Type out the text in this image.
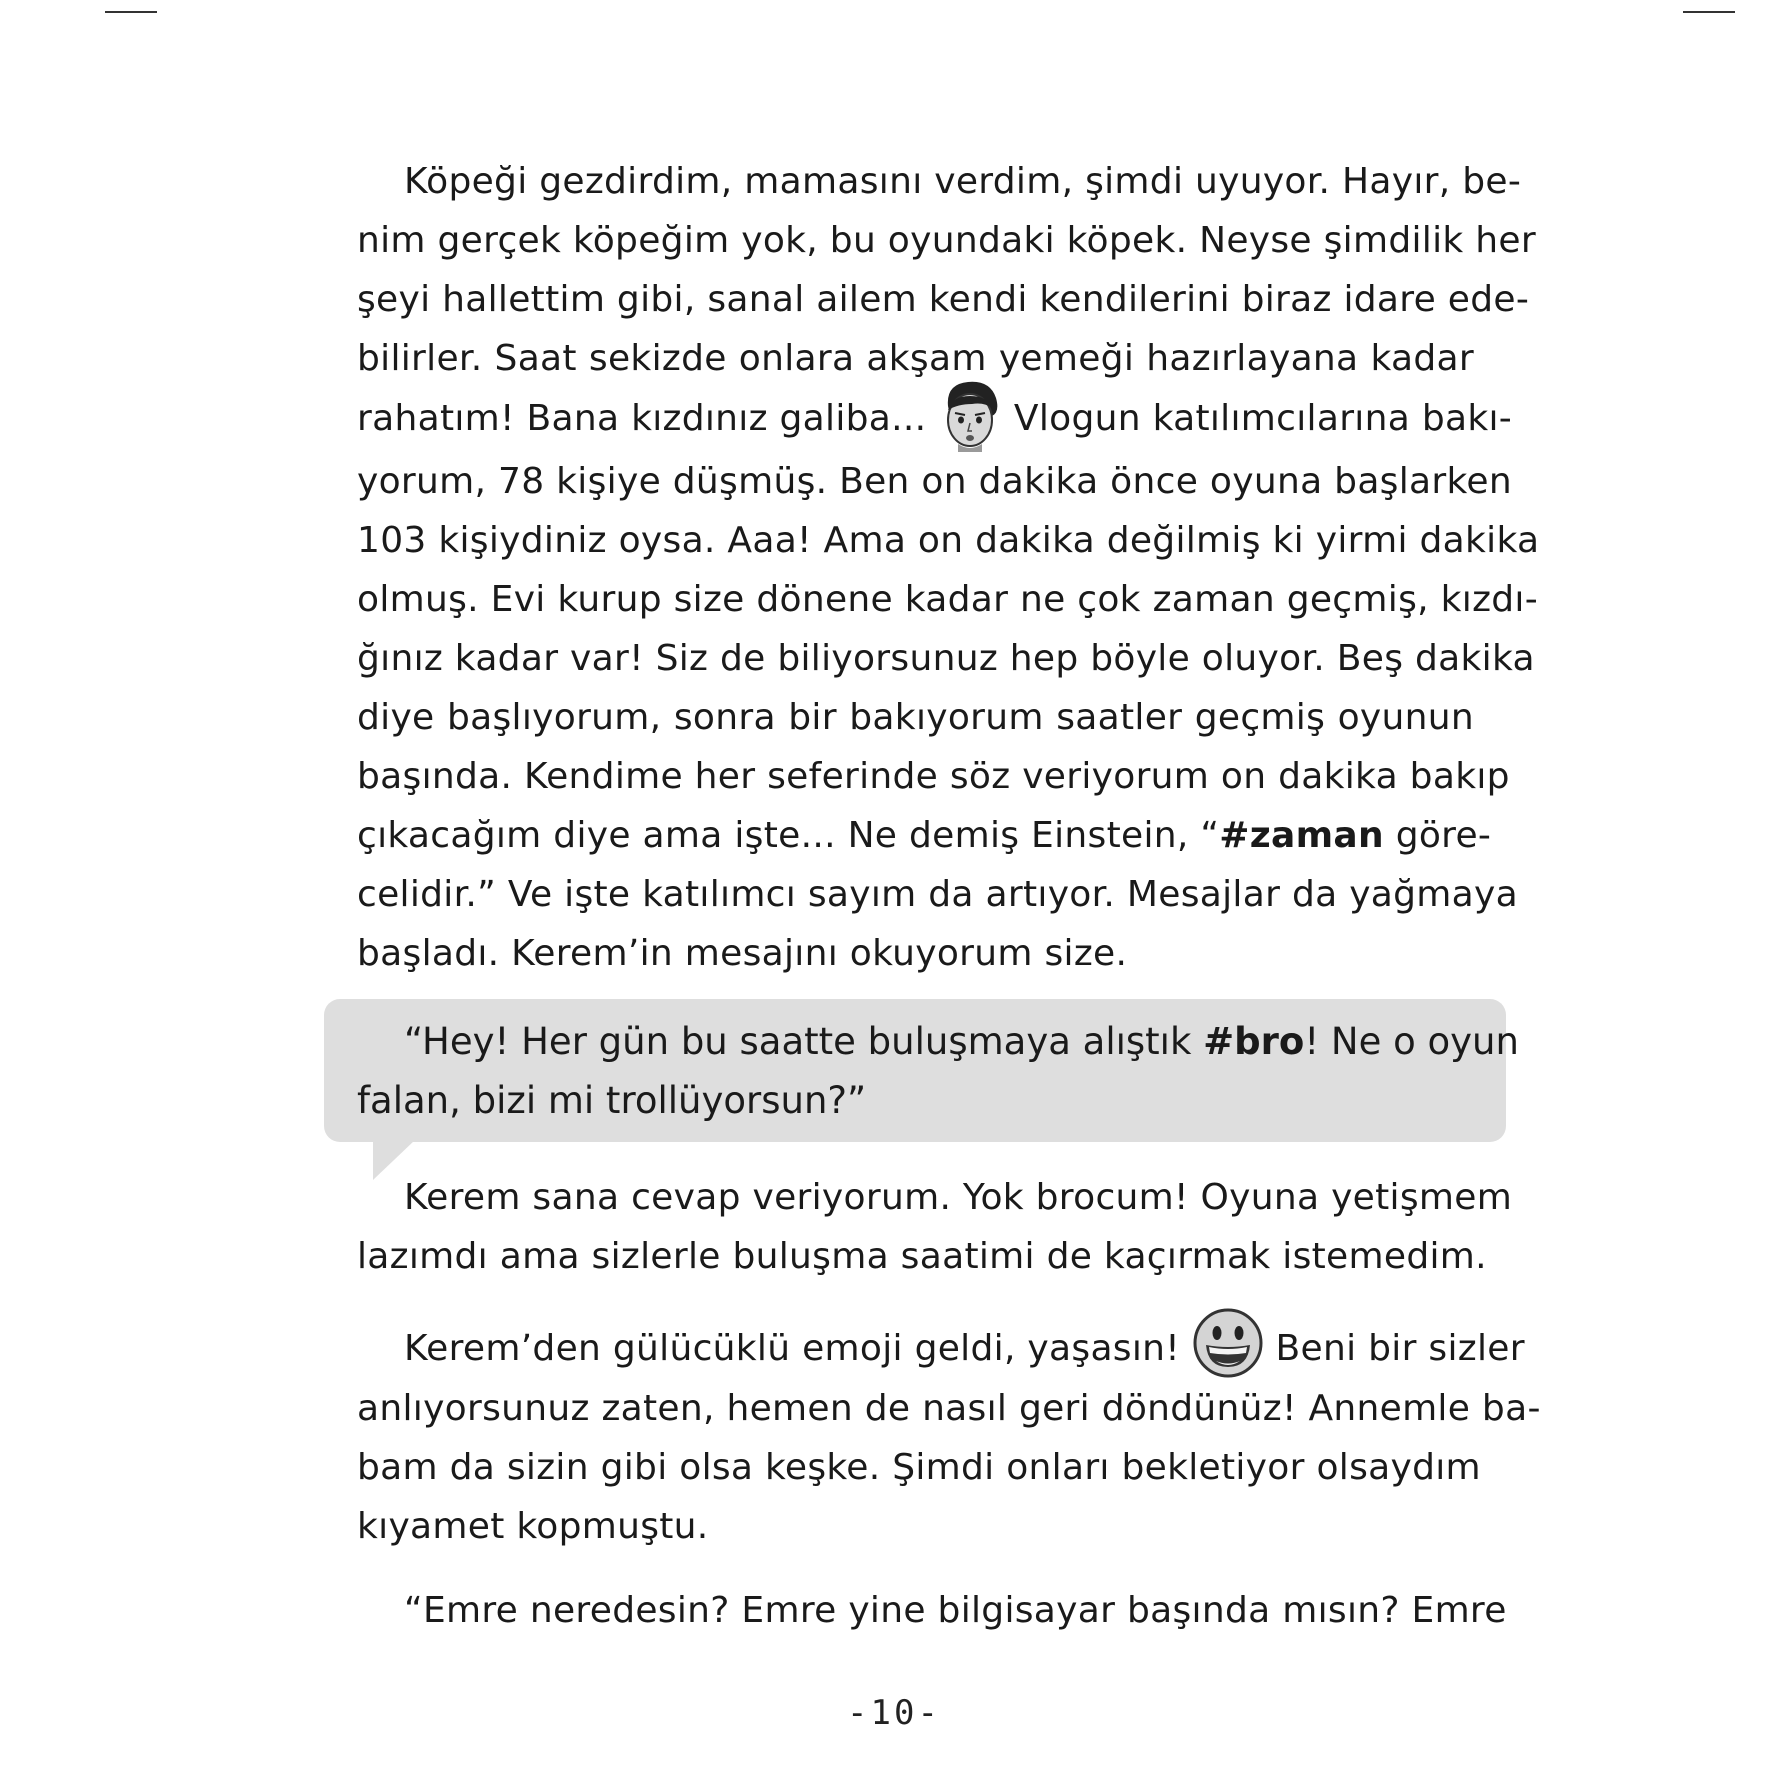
Köpeği gezdirdim, mamasını verdim, şimdi uyuyor. Hayır, be-
nim gerçek köpeğim yok, bu oyundaki köpek. Neyse şimdilik her
şeyi hallettim gibi, sanal ailem kendi kendilerini biraz idare ede-
bilirler. Saat sekizde onlara akşam yemeği hazırlayana kadar
rahatım! Bana kızdınız galiba... Vlogun katılımcılarına bakı-
yorum, 78 kişiye düşmüş. Ben on dakika önce oyuna başlarken
103 kişiydiniz oysa. Aaa! Ama on dakika değilmiş ki yirmi dakika
olmuş. Evi kurup size dönene kadar ne çok zaman geçmiş, kızdı-
ğınız kadar var! Siz de biliyorsunuz hep böyle oluyor. Beş dakika
diye başlıyorum, sonra bir bakıyorum saatler geçmiş oyunun
başında. Kendime her seferinde söz veriyorum on dakika bakıp
çıkacağım diye ama işte... Ne demiş Einstein, “#zaman göre-
celidir.” Ve işte katılımcı sayım da artıyor. Mesajlar da yağmaya
başladı. Kerem’in mesajını okuyorum size.
“Hey! Her gün bu saatte buluşmaya alıştık #bro! Ne o oyun
falan, bizi mi trollüyorsun?”
Kerem sana cevap veriyorum. Yok brocum! Oyuna yetişmem
lazımdı ama sizlerle buluşma saatimi de kaçırmak istemedim.
Kerem’den gülücüklü emoji geldi, yaşasın!	Beni bir sizler
anlıyorsunuz zaten, hemen de nasıl geri döndünüz! Annemle ba-
bam da sizin gibi olsa keşke. Şimdi onları bekletiyor olsaydım
kıyamet kopmuştu.
“Emre neredesin? Emre yine bilgisayar başında mısın? Emre
-10-
